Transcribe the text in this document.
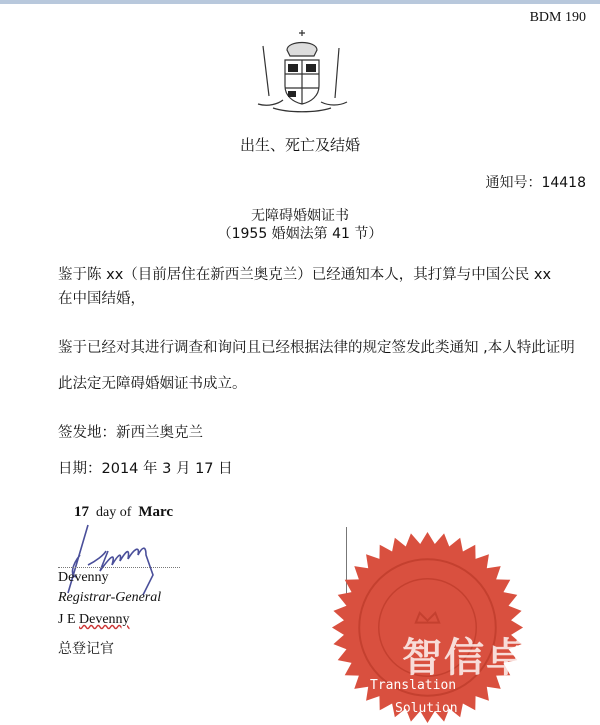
BDM 190
出生、死亡及结婚
通知号：14418
无障碍婚姻证书
（1955 婚姻法第 41 节）
鉴于陈 xx（目前居住在新西兰奥克兰）已经通知本人，其打算与中国公民 xx 在中国结婚，
鉴于已经对其进行调查和询问且已经根据法律的规定签发此类通知 ,本人特此证明此法定无障碍婚姻证书成立。
签发地：新西兰奥克兰
日期：2014 年 3 月 17 日
17 day of Marc
Devenny
Registrar-General
J E Devenny
总登记官	智信卓
Translation
Solution
